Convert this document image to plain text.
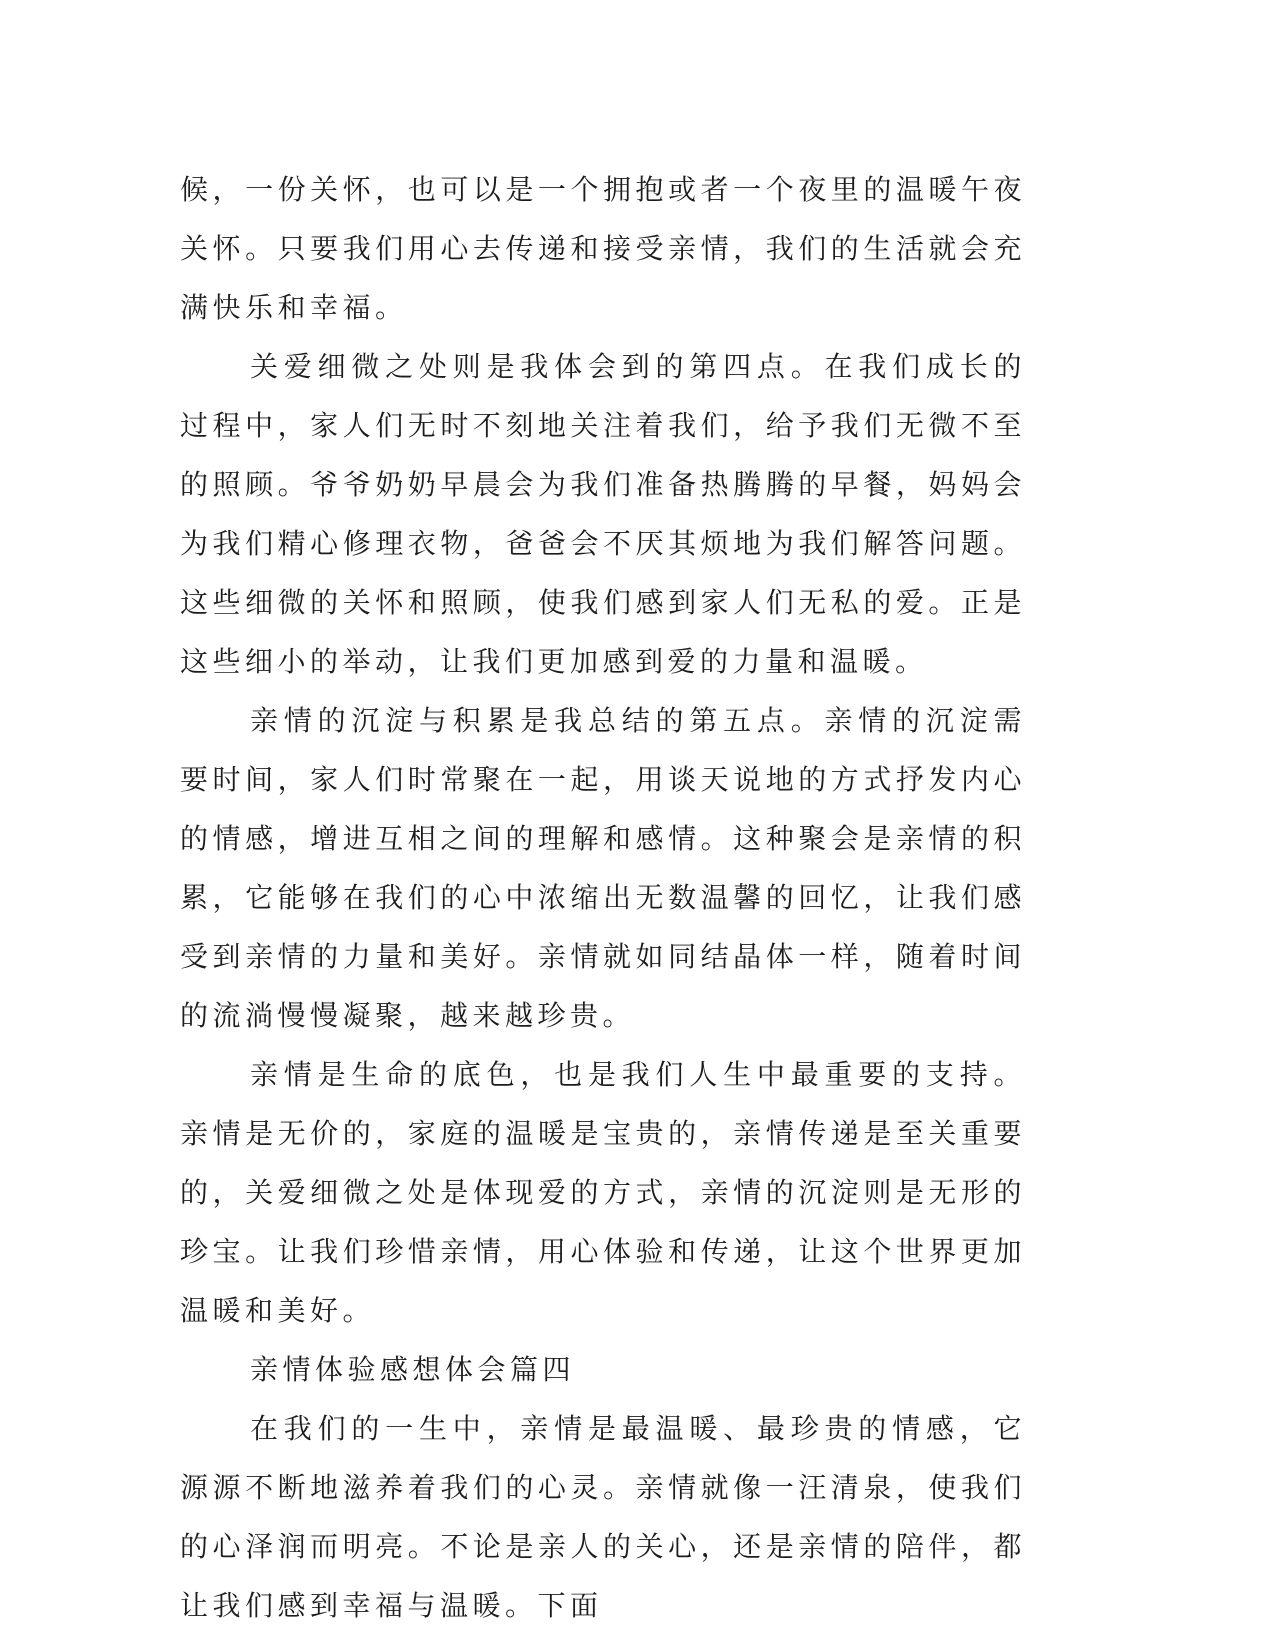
候，一份关怀，也可以是一个拥抱或者一个夜里的温暖午夜关怀。只要我们用心去传递和接受亲情，我们的生活就会充满快乐和幸福。

关爱细微之处则是我体会到的第四点。在我们成长的过程中，家人们无时不刻地关注着我们，给予我们无微不至的照顾。爷爷奶奶早晨会为我们准备热腾腾的早餐，妈妈会为我们精心修理衣物，爸爸会不厌其烦地为我们解答问题。这些细微的关怀和照顾，使我们感到家人们无私的爱。正是这些细小的举动，让我们更加感到爱的力量和温暖。

亲情的沉淀与积累是我总结的第五点。亲情的沉淀需要时间，家人们时常聚在一起，用谈天说地的方式抒发内心的情感，增进互相之间的理解和感情。这种聚会是亲情的积累，它能够在我们的心中浓缩出无数温馨的回忆，让我们感受到亲情的力量和美好。亲情就如同结晶体一样，随着时间的流淌慢慢凝聚，越来越珍贵。

亲情是生命的底色，也是我们人生中最重要的支持。亲情是无价的，家庭的温暖是宝贵的，亲情传递是至关重要的，关爱细微之处是体现爱的方式，亲情的沉淀则是无形的珍宝。让我们珍惜亲情，用心体验和传递，让这个世界更加温暖和美好。

亲情体验感想体会篇四

在我们的一生中，亲情是最温暖、最珍贵的情感，它源源不断地滋养着我们的心灵。亲情就像一汪清泉，使我们的心泽润而明亮。不论是亲人的关心，还是亲情的陪伴，都让我们感到幸福与温暖。下面
